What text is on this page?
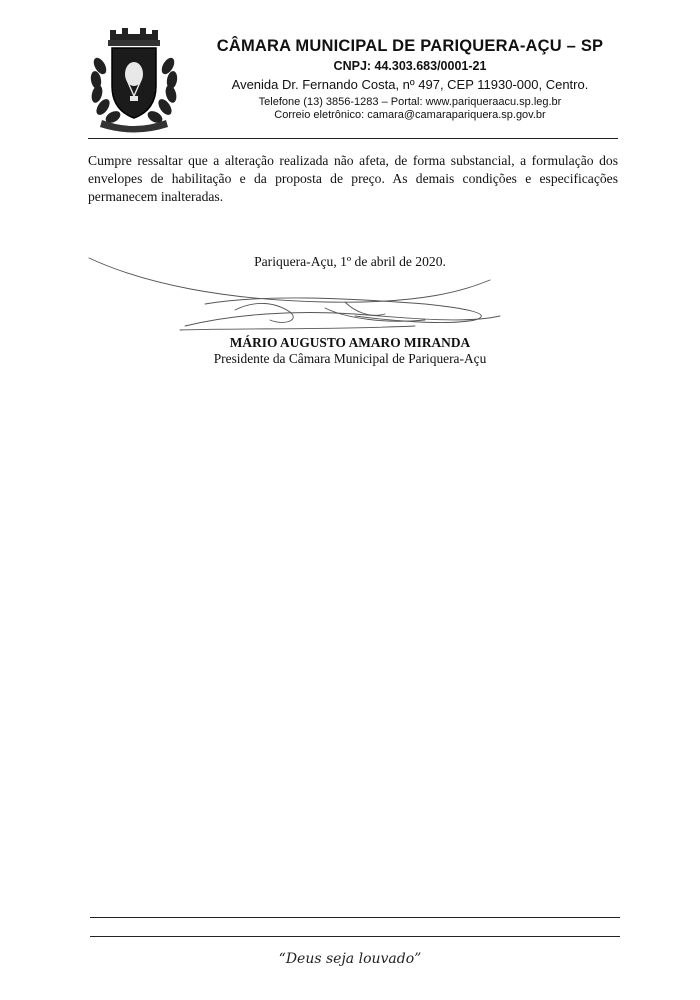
CÂMARA MUNICIPAL DE PARIQUERA-AÇU – SP
CNPJ: 44.303.683/0001-21
Avenida Dr. Fernando Costa, nº 497, CEP 11930-000, Centro.
Telefone (13) 3856-1283 – Portal: www.pariqueraacu.sp.leg.br
Correio eletrônico: camara@camarapariquera.sp.gov.br
Cumpre ressaltar que a alteração realizada não afeta, de forma substancial, a formulação dos envelopes de habilitação e da proposta de preço. As demais condições e especificações permanecem inalteradas.
Pariquera-Açu, 1º de abril de 2020.
MÁRIO AUGUSTO AMARO MIRANDA
Presidente da Câmara Municipal de Pariquera-Açu
“Deus seja louvado”
